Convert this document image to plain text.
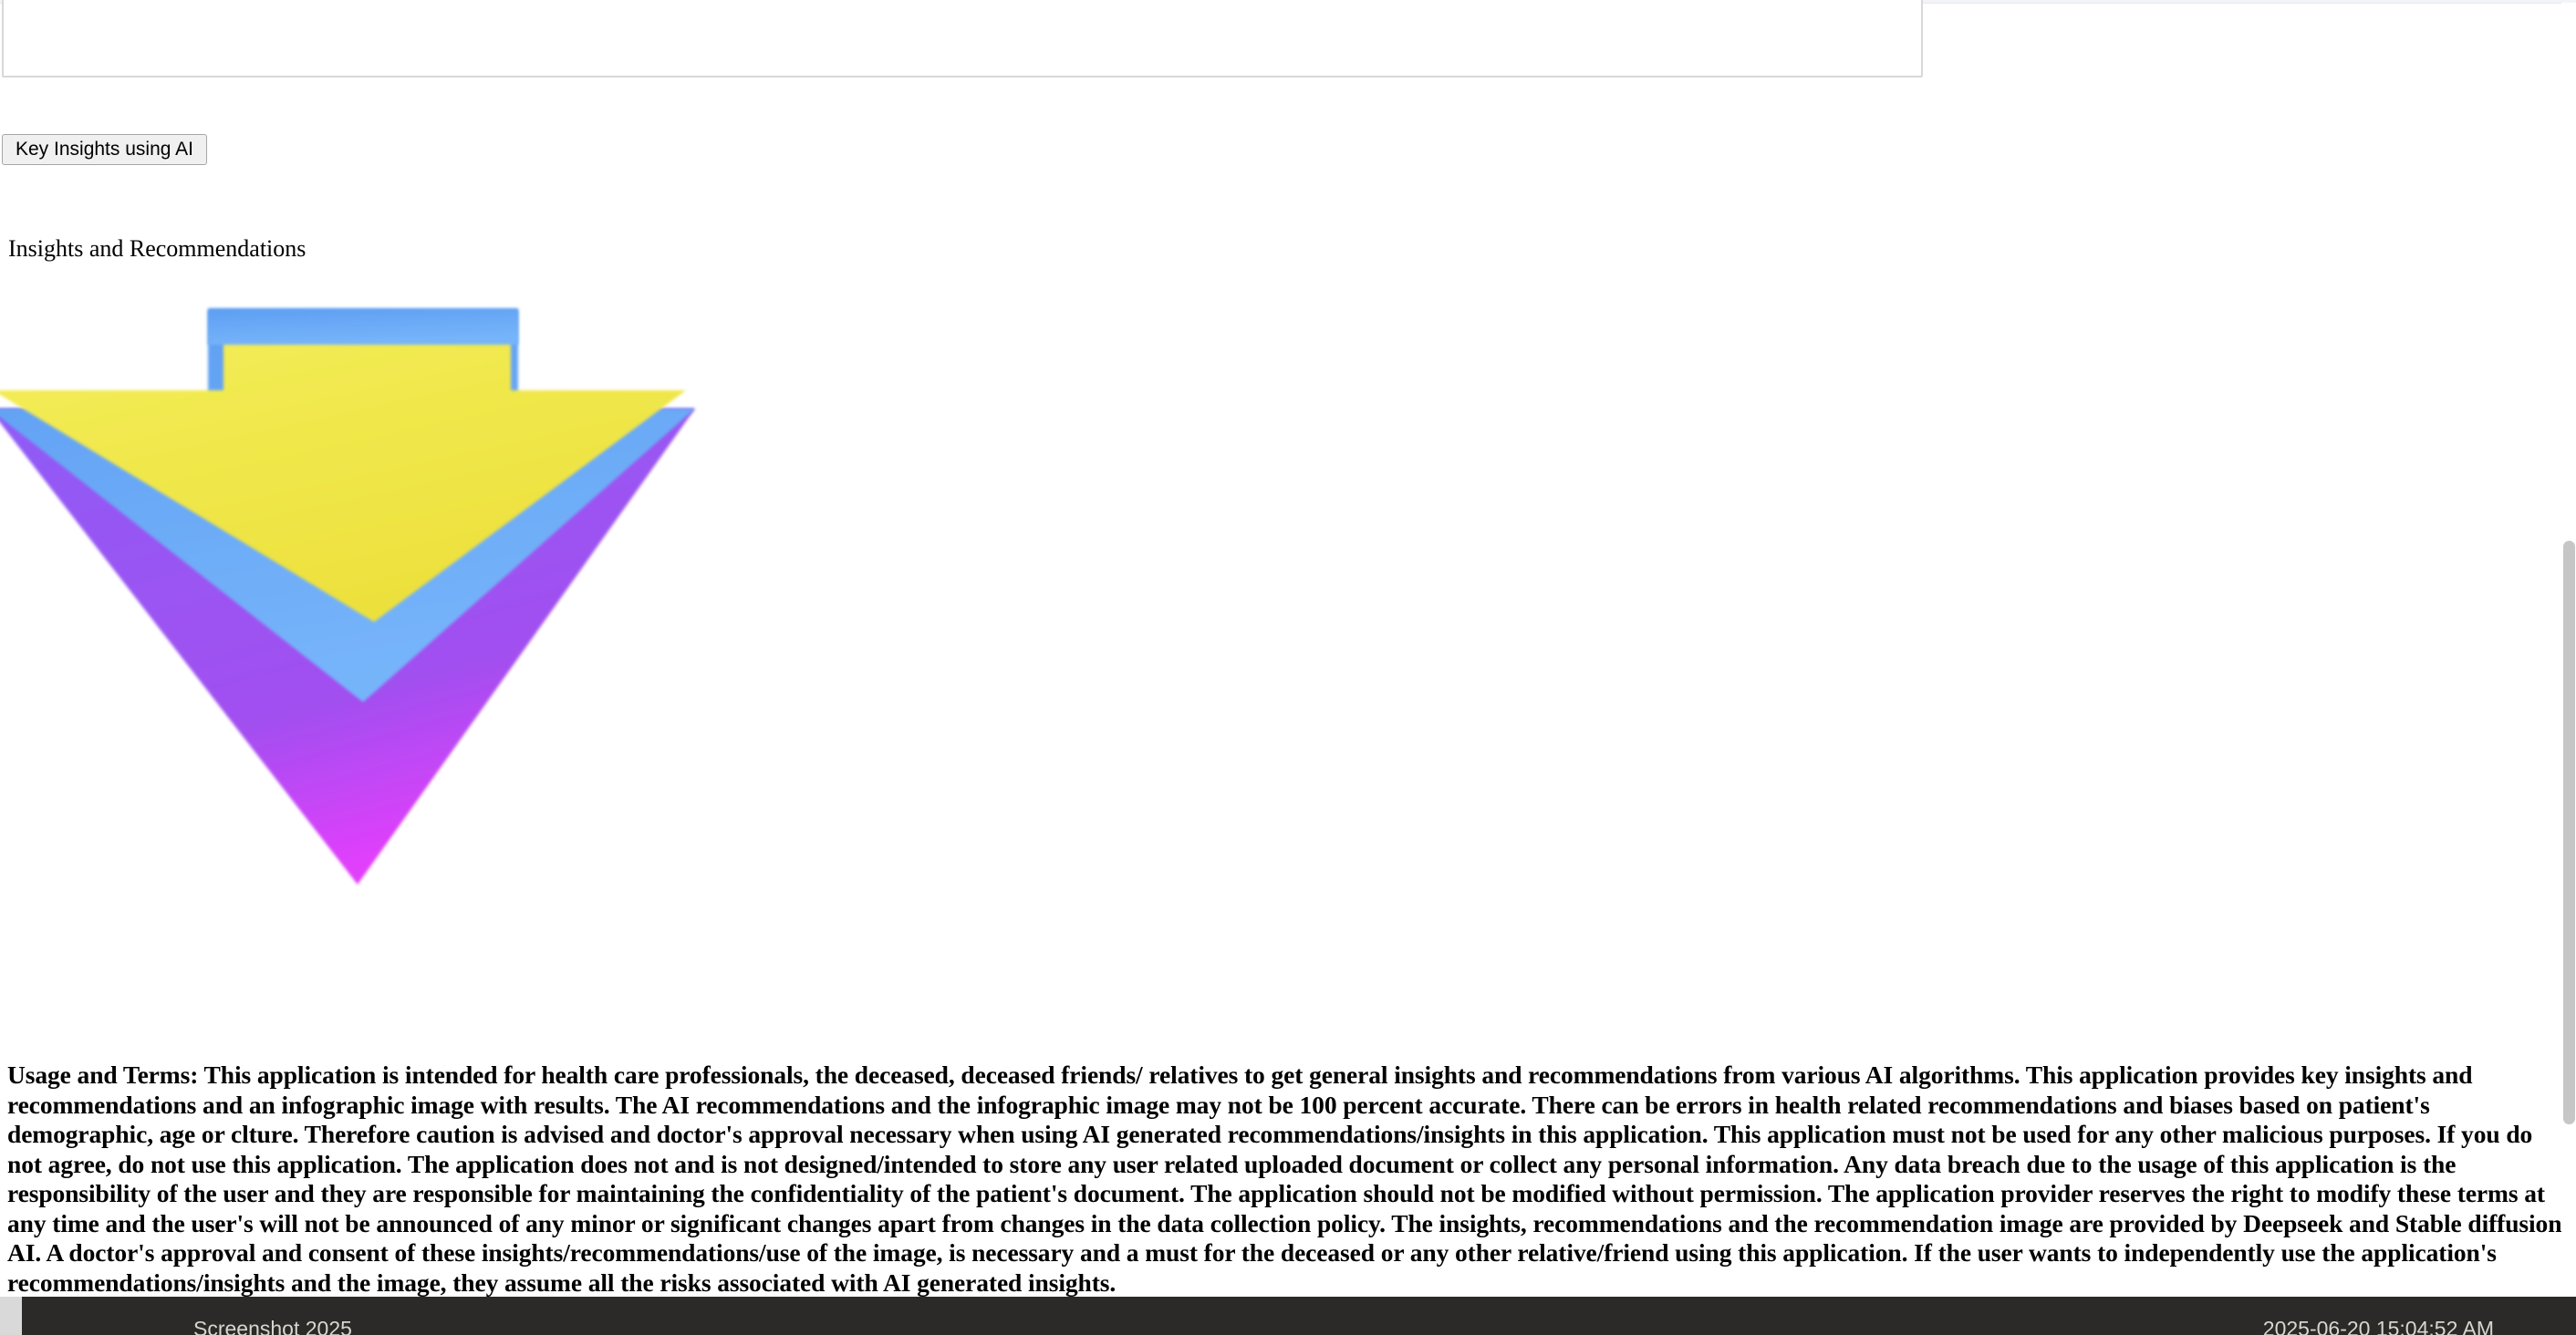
Key Insights using AI
Insights and Recommendations
Usage and Terms: This application is intended for health care professionals, the deceased, deceased friends/ relatives to get general insights and recommendations from various AI algorithms. This application provides key insights and recommendations and an infographic image with results. The AI recommendations and the infographic image may not be 100 percent accurate. There can be errors in health related recommendations and biases based on patient's demographic, age or clture. Therefore caution is advised and doctor's approval necessary when using AI generated recommendations/insights in this application. This application must not be used for any other malicious purposes. If you do not agree, do not use this application. The application does not and is not designed/intended to store any user related uploaded document or collect any personal information. Any data breach due to the usage of this application is the responsibility of the user and they are responsible for maintaining the confidentiality of the patient's document. The application should not be modified without permission. The application provider reserves the right to modify these terms at any time and the user's will not be announced of any minor or significant changes apart from changes in the data collection policy. The insights, recommendations and the recommendation image are provided by Deepseek and Stable diffusion AI. A doctor's approval and consent of these insights/recommendations/use of the image, is necessary and a must for the deceased or any other relative/friend using this application. If the user wants to independently use the application's recommendations/insights and the image, they assume all the risks associated with AI generated insights.
Screenshot 2025	2025-06-20 15:04:52 AM
